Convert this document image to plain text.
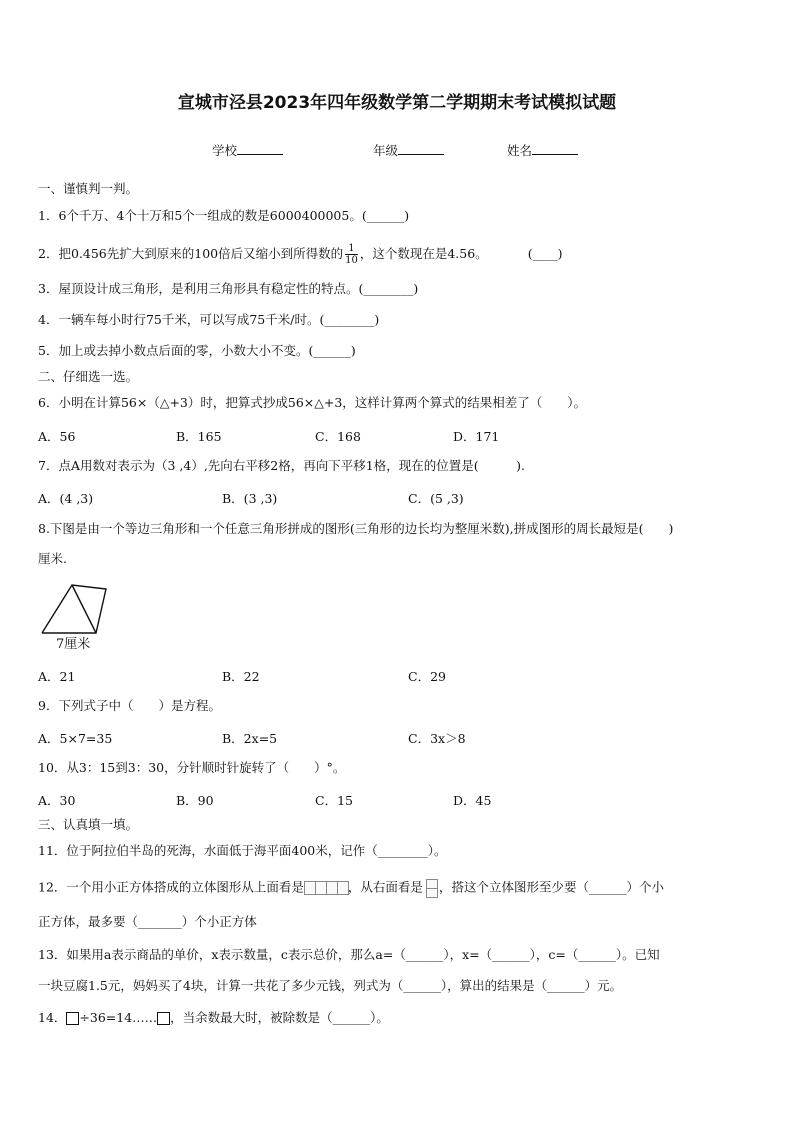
宣城市泾县2023年四年级数学第二学期期末考试模拟试题
学校	年级	姓名
一、谨慎判一判。
1．6个千万、4个十万和5个一组成的数是6000400005。(______)
2．把0.456先扩大到原来的100倍后又缩小到所得数的 $\frac{1}{10}$ ，这个数现在是4.56。	(____)
3．屋顶设计成三角形，是利用三角形具有稳定性的特点。(________)
4．一辆车每小时行75千米，可以写成75千米/时。(________)
5．加上或去掉小数点后面的零，小数大小不变。(______)
二、仔细选一选。
6．小明在计算56×（△+3）时，把算式抄成56×△+3，这样计算两个算式的结果相差了（　　）。
A．56	B．165	C．168	D．171
7．点A用数对表示为（3 ,4）,先向右平移2格，再向下平移1格，现在的位置是(　　　).
A．(4 ,3)	B．(3 ,3)	C．(5 ,3)
8.下图是由一个等边三角形和一个任意三角形拼成的图形(三角形的边长均为整厘米数),拼成图形的周长最短是(　　)
厘米.
7厘米
A．21	B．22	C．29
9．下列式子中（　　）是方程。
A．5×7=35	B．2x=5	C．3x＞8
10．从3：15到3：30，分针顺时针旋转了（　　）°。
A．30	B．90	C．15	D．45
三、认真填一填。
11．位于阿拉伯半岛的死海，水面低于海平面400米，记作（________）。
12．一个用小正方体搭成的立体图形从上面看是	，从右面看是 ，搭这个立体图形至少要（______）个小
正方体，最多要（_______）个小正方体
13．如果用a表示商品的单价，x表示数量，c表示总价，那么a=（______），x=（______），c=（______）。已知
一块豆腐1.5元，妈妈买了4块，计算一共花了多少元钱，列式为（______），算出的结果是（______）元。
14． ÷36=14…… ，当余数最大时，被除数是（______）。
